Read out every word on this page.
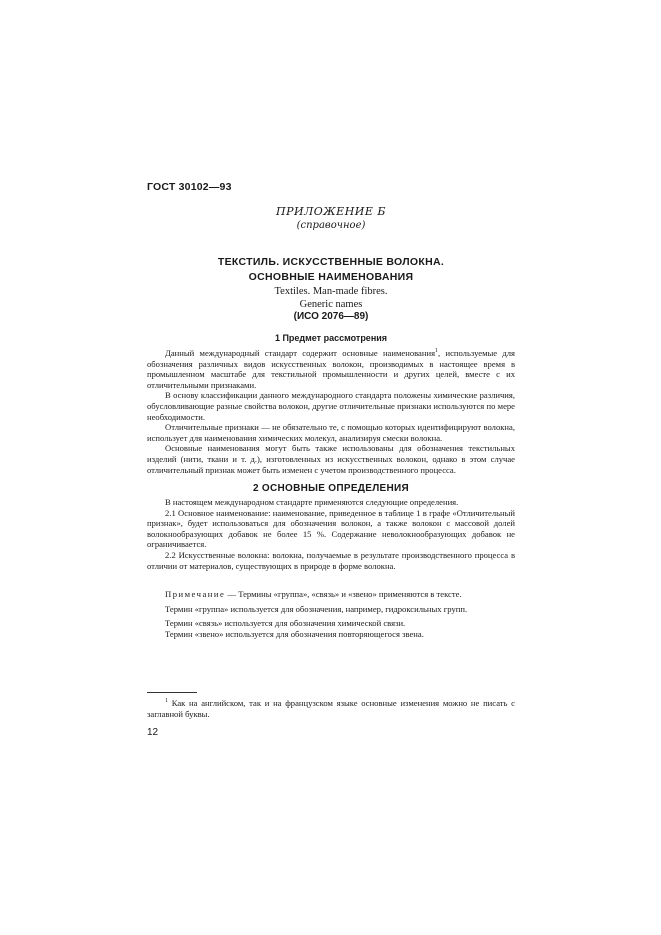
ГОСТ 30102—93
ПРИЛОЖЕНИЕ Б
(справочное)
ТЕКСТИЛЬ. ИСКУССТВЕННЫЕ ВОЛОКНА.
ОСНОВНЫЕ НАИМЕНОВАНИЯ
Textiles. Man-made fibres.
Generic names
(ИСО 2076—89)
1 Предмет рассмотрения

Данный международный стандарт содержит основные наименования$^1$, используемые для обозначения различных видов искусственных волокон, производимых в настоящее время в промышленном масштабе для текстильной промышленности и других целей, вместе с их отличительными признаками.

В основу классификации данного международного стандарта положены химические различия, обусловливающие разные свойства волокон, другие отличительные признаки используются по мере необходимости.

Отличительные признаки — не обязательно те, с помощью которых идентифицируют волокна, использует для наименования химических молекул, анализируя смески волокна.

Основные наименования могут быть также использованы для обозначения текстильных изделий (нити, ткани и т. д.), изготовленных из искусственных волокон, однако в этом случае отличительный признак может быть изменен с учетом производственного процесса.

2 ОСНОВНЫЕ ОПРЕДЕЛЕНИЯ

В настоящем международном стандарте применяются следующие определения.

2.1 Основное наименование: наименование, приведенное в таблице 1 в графе «Отличительный признак», будет использоваться для обозначения волокон, а также волокон с массовой долей волокнообразующих добавок не более 15 %. Содержание неволокнообразующих добавок не ограничивается.

2.2 Искусственные волокна: волокна, получаемые в результате производственного процесса в отличии от материалов, существующих в природе в форме волокна.

Примечание — Термины «группа», «связь» и «звено» применяются в тексте.

Термин «группа» используется для обозначения, например, гидроксильных групп.

Термин «связь» используется для обозначения химической связи.

Термин «звено» используется для обозначения повторяющегося звена.

$^1$ Как на английском, так и на французском языке основные изменения можно не писать с заглавной буквы.

12
